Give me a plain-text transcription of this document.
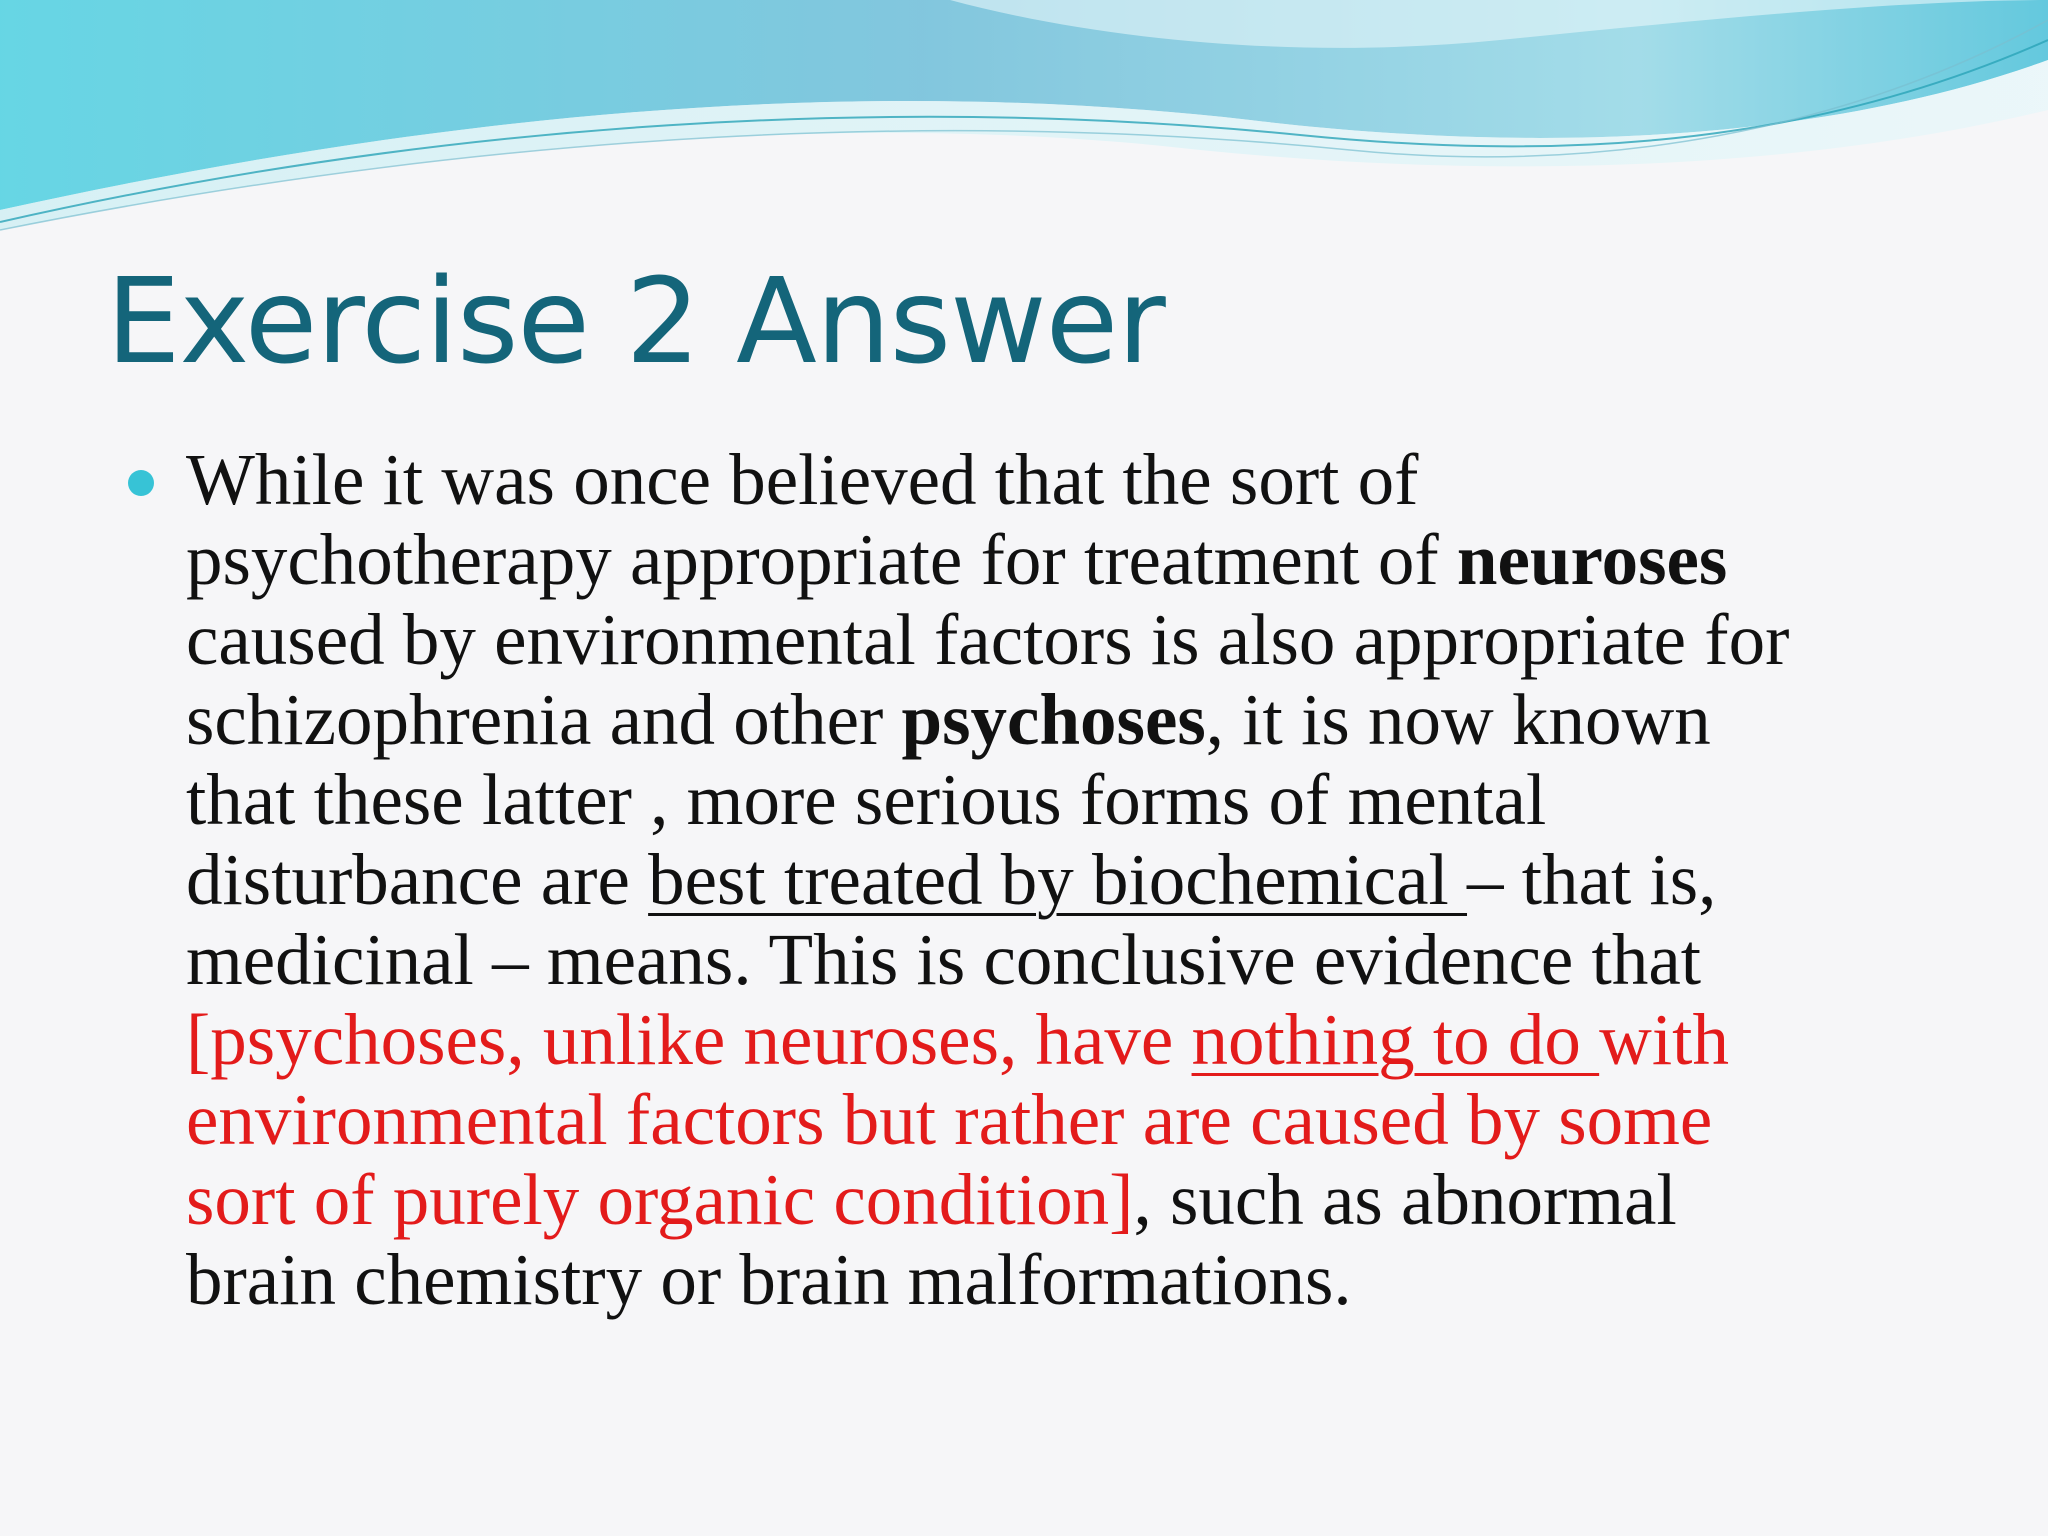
Exercise 2 Answer

While it was once believed that the sort of
psychotherapy appropriate for treatment of neuroses
caused by environmental factors is also appropriate for
schizophrenia and other psychoses, it is now known
that these latter , more serious forms of mental
disturbance are best treated by biochemical – that is,
medicinal – means. This is conclusive evidence that
[psychoses, unlike neuroses, have nothing to do with
environmental factors but rather are caused by some
sort of purely organic condition], such as abnormal
brain chemistry or brain malformations.
